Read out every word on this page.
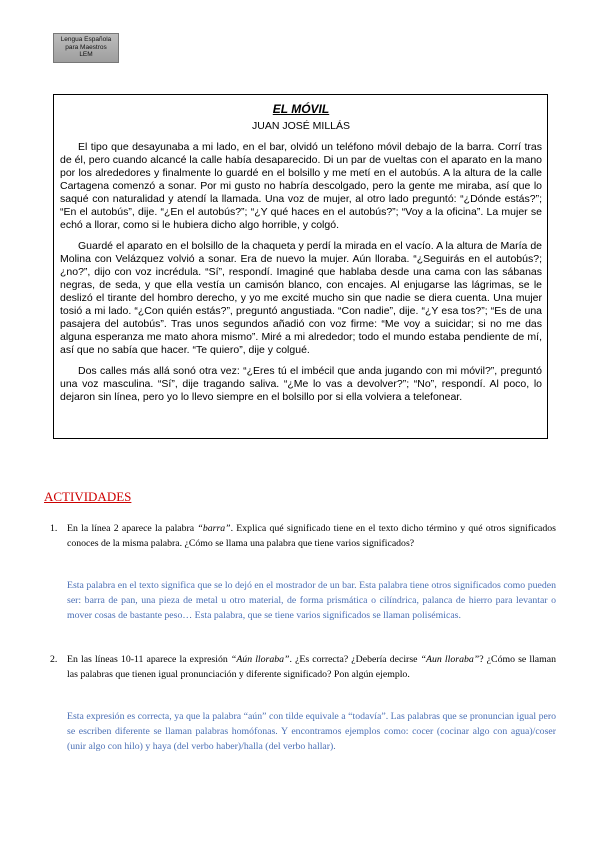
Lengua Española
para Maestros
LEM
EL MÓVIL
JUAN JOSÉ MILLÁS

El tipo que desayunaba a mi lado, en el bar, olvidó un teléfono móvil debajo de la barra. Corrí tras de él, pero cuando alcancé la calle había desaparecido. Di un par de vueltas con el aparato en la mano por los alrededores y finalmente lo guardé en el bolsillo y me metí en el autobús. A la altura de la calle Cartagena comenzó a sonar. Por mi gusto no habría descolgado, pero la gente me miraba, así que lo saqué con naturalidad y atendí la llamada. Una voz de mujer, al otro lado preguntó: “¿Dónde estás?”; “En el autobús”, dije. “¿En el autobús?”; “¿Y qué haces en el autobús?”; “Voy a la oficina”. La mujer se echó a llorar, como si le hubiera dicho algo horrible, y colgó.

Guardé el aparato en el bolsillo de la chaqueta y perdí la mirada en el vacío. A la altura de María de Molina con Velázquez volvió a sonar. Era de nuevo la mujer. Aún lloraba. “¿Seguirás en el autobús?; ¿no?”, dijo con voz incrédula. “Sí”, respondí. Imaginé que hablaba desde una cama con las sábanas negras, de seda, y que ella vestía un camisón blanco, con encajes. Al enjugarse las lágrimas, se le deslizó el tirante del hombro derecho, y yo me excité mucho sin que nadie se diera cuenta. Una mujer tosió a mi lado. “¿Con quién estás?”, preguntó angustiada. “Con nadie”, dije. “¿Y esa tos?”; “Es de una pasajera del autobús”. Tras unos segundos añadió con voz firme: “Me voy a suicidar; si no me das alguna esperanza me mato ahora mismo”. Miré a mi alrededor; todo el mundo estaba pendiente de mí, así que no sabía que hacer. “Te quiero”, dije y colgué.

Dos calles más allá sonó otra vez: “¿Eres tú el imbécil que anda jugando con mi móvil?”, preguntó una voz masculina. “Sí”, dije tragando saliva. “¿Me lo vas a devolver?”; “No”, respondí. Al poco, lo dejaron sin línea, pero yo lo llevo siempre en el bolsillo por si ella volviera a telefonear.

ACTIVIDADES
1. En la línea 2 aparece la palabra “barra”. Explica qué significado tiene en el texto dicho término y qué otros significados conoces de la misma palabra. ¿Cómo se llama una palabra que tiene varios significados?
Esta palabra en el texto significa que se lo dejó en el mostrador de un bar. Esta palabra tiene otros significados como pueden ser: barra de pan, una pieza de metal u otro material, de forma prismática o cilíndrica, palanca de hierro para levantar o mover cosas de bastante peso… Esta palabra, que se tiene varios significados se llaman polisémicas.
2. En las líneas 10-11 aparece la expresión “Aún lloraba”. ¿Es correcta? ¿Debería decirse “Aun lloraba”? ¿Cómo se llaman las palabras que tienen igual pronunciación y diferente significado? Pon algún ejemplo.
Esta expresión es correcta, ya que la palabra “aún” con tilde equivale a “todavía”. Las palabras que se pronuncian igual pero se escriben diferente se llaman palabras homófonas. Y encontramos ejemplos como: cocer (cocinar algo con agua)/coser (unir algo con hilo) y haya (del verbo haber)/halla (del verbo hallar).
